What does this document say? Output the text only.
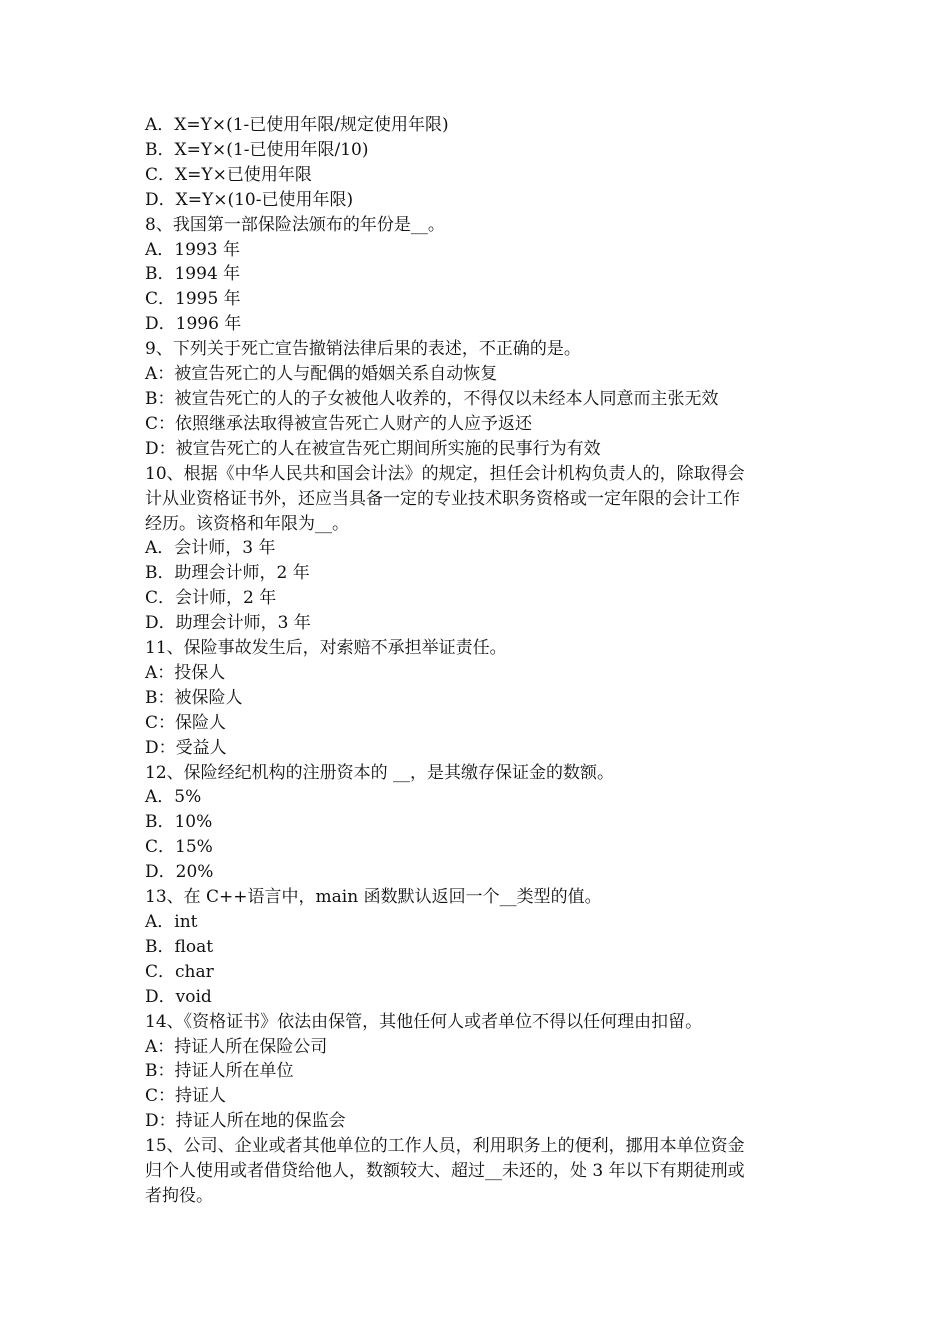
A．X=Y×(1-已使用年限/规定使用年限)
B．X=Y×(1-已使用年限/10)
C．X=Y×已使用年限
D．X=Y×(10-已使用年限)
8、我国第一部保险法颁布的年份是__。
A．1993 年
B．1994 年
C．1995 年
D．1996 年
9、下列关于死亡宣告撤销法律后果的表述，不正确的是。
A：被宣告死亡的人与配偶的婚姻关系自动恢复
B：被宣告死亡的人的子女被他人收养的，不得仅以未经本人同意而主张无效
C：依照继承法取得被宣告死亡人财产的人应予返还
D：被宣告死亡的人在被宣告死亡期间所实施的民事行为有效
10、根据《中华人民共和国会计法》的规定，担任会计机构负责人的，除取得会
计从业资格证书外，还应当具备一定的专业技术职务资格或一定年限的会计工作
经历。该资格和年限为__。
A．会计师，3 年
B．助理会计师，2 年
C．会计师，2 年
D．助理会计师，3 年
11、保险事故发生后，对索赔不承担举证责任。
A：投保人
B：被保险人
C：保险人
D：受益人
12、保险经纪机构的注册资本的 __，是其缴存保证金的数额。
A．5%
B．10%
C．15%
D．20%
13、在 C++语言中，main 函数默认返回一个__类型的值。
A．int
B．float
C．char
D．void
14、《资格证书》依法由保管，其他任何人或者单位不得以任何理由扣留。
A：持证人所在保险公司
B：持证人所在单位
C：持证人
D：持证人所在地的保监会
15、公司、企业或者其他单位的工作人员，利用职务上的便利，挪用本单位资金
归个人使用或者借贷给他人，数额较大、超过__未还的，处 3 年以下有期徒刑或
者拘役。
